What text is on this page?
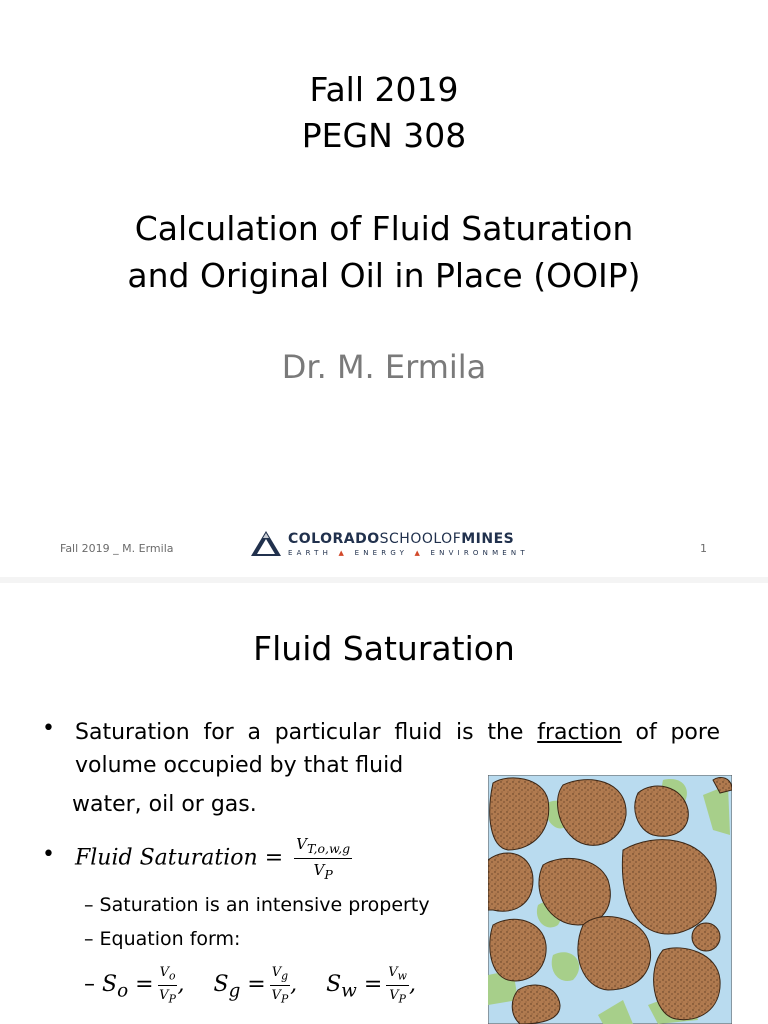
Fall 2019
PEGN 308
Calculation of Fluid Saturation
and Original Oil in Place (OOIP)
Dr. M. Ermila
Fall 2019 _ M. Ermila
COLORADOSCHOOLOFMINES
EARTH ▲ ENERGY ▲ ENVIRONMENT	1
Fluid Saturation
• Saturation for a particular fluid is the fraction of pore volume occupied by that fluid
water, oil or gas.
• Fluid Saturation = $\frac{V_{T,o,w,g}}{V_P}$
– Saturation is an intensive property
– Equation form:
– $S_o = \frac{V_o}{V_P}$ , $S_g = \frac{V_g}{V_P}$ , $S_w = \frac{V_w}{V_P}$ ,
